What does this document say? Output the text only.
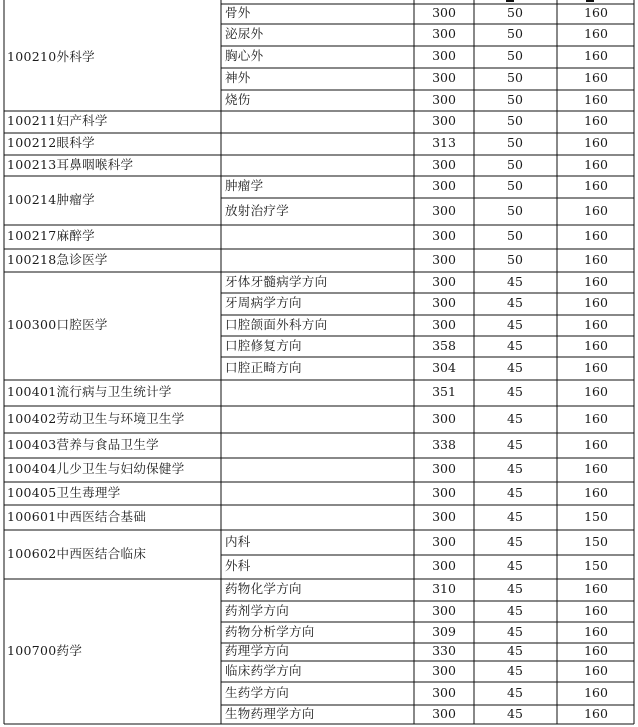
100210外科学
骨外	300	50	160
泌尿外	300	50	160
胸心外	300	50	160
神外	300	50	160
烧伤	300	50	160
100211妇产科学	300	50	160
100212眼科学	313	50	160
100213耳鼻咽喉科学	300	50	160
100214肿瘤学
肿瘤学	300	50	160
放射治疗学	300	50	160
100217麻醉学	300	50	160
100218急诊医学	300	50	160
100300口腔医学
牙体牙髓病学方向	300	45	160
牙周病学方向	300	45	160
口腔颌面外科方向	300	45	160
口腔修复方向	358	45	160
口腔正畸方向	304	45	160
100401流行病与卫生统计学	351	45	160
100402劳动卫生与环境卫生学	300	45	160
100403营养与食品卫生学	338	45	160
100404儿少卫生与妇幼保健学	300	45	160
100405卫生毒理学	300	45	160
100601中西医结合基础	300	45	150
100602中西医结合临床
内科	300	45	150
外科	300	45	150
100700药学
药物化学方向	310	45	160
药剂学方向	300	45	160
药物分析学方向	309	45	160
药理学方向	330	45	160
临床药学方向	300	45	160
生药学方向	300	45	160
生物药理学方向	300	45	160
